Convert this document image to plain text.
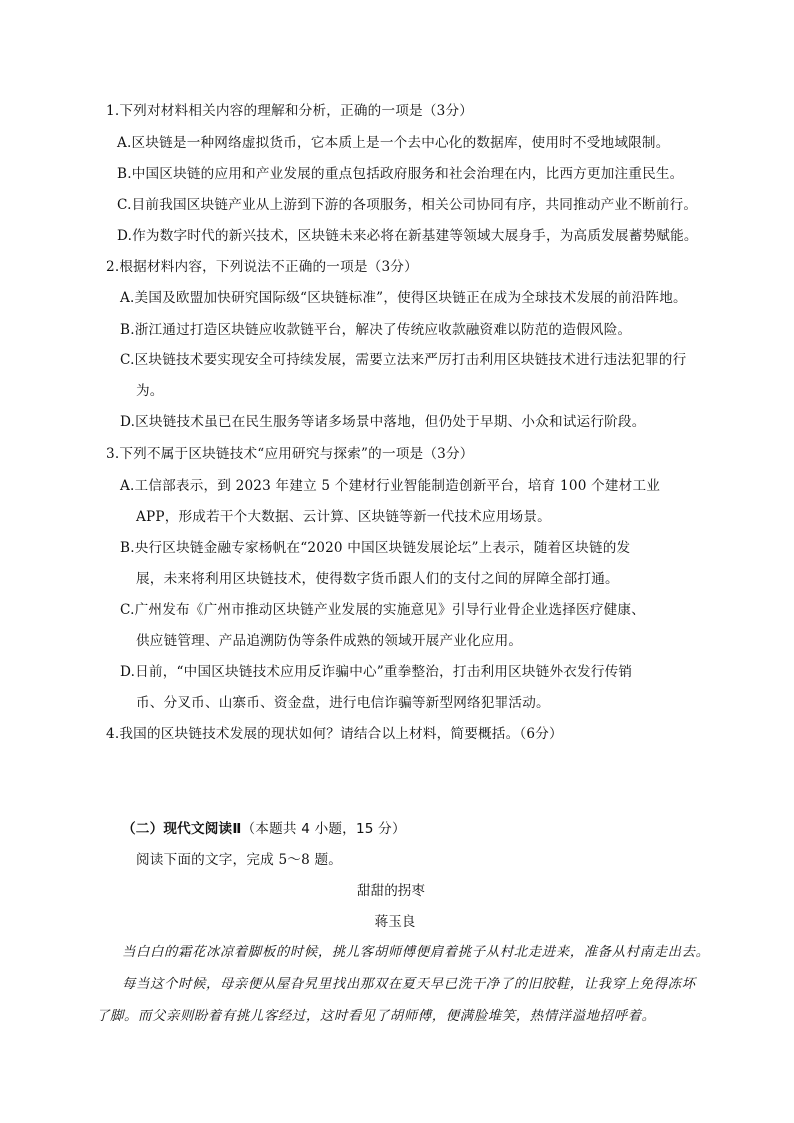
1.下列对材料相关内容的理解和分析，正确的一项是（3分）
A.区块链是一种网络虚拟货币，它本质上是一个去中心化的数据库，使用时不受地域限制。
B.中国区块链的应用和产业发展的重点包括政府服务和社会治理在内，比西方更加注重民生。
C.目前我国区块链产业从上游到下游的各项服务，相关公司协同有序，共同推动产业不断前行。
D.作为数字时代的新兴技术，区块链未来必将在新基建等领域大展身手，为高质发展蓄势赋能。
2.根据材料内容，下列说法不正确的一项是（3分）
A.美国及欧盟加快研究国际级“区块链标准”，使得区块链正在成为全球技术发展的前沿阵地。
B.浙江通过打造区块链应收款链平台，解决了传统应收款融资难以防范的造假风险。
C.区块链技术要实现安全可持续发展，需要立法来严厉打击利用区块链技术进行违法犯罪的行
为。
D.区块链技术虽已在民生服务等诸多场景中落地，但仍处于早期、小众和试运行阶段。
3.下列不属于区块链技术“应用研究与探索”的一项是（3分）
A.工信部表示，到 2023 年建立 5 个建材行业智能制造创新平台，培育 100 个建材工业
APP，形成若干个大数据、云计算、区块链等新一代技术应用场景。
B.央行区块链金融专家杨帆在“2020 中国区块链发展论坛”上表示，随着区块链的发
展，未来将利用区块链技术，使得数字货币跟人们的支付之间的屏障全部打通。
C.广州发布《广州市推动区块链产业发展的实施意见》引导行业骨企业选择医疗健康、
供应链管理、产品追溯防伪等条件成熟的领域开展产业化应用。
D.日前，“中国区块链技术应用反诈骗中心”重拳整治，打击利用区块链外衣发行传销
币、分叉币、山寨币、资金盘，进行电信诈骗等新型网络犯罪活动。
4.我国的区块链技术发展的现状如何？请结合以上材料，简要概括。（6分）
（二）现代文阅读Ⅱ（本题共 4 小题，15 分）
阅读下面的文字，完成 5～8 题。
甜甜的拐枣
蒋玉良
当白白的霜花冰凉着脚板的时候，挑儿客胡师傅便肩着挑子从村北走进来，准备从村南走出去。
每当这个时候，母亲便从屋旮旯里找出那双在夏天早已洗干净了的旧胶鞋，让我穿上免得冻坏
了脚。而父亲则盼着有挑儿客经过，这时看见了胡师傅，便满脸堆笑，热情洋溢地招呼着。
